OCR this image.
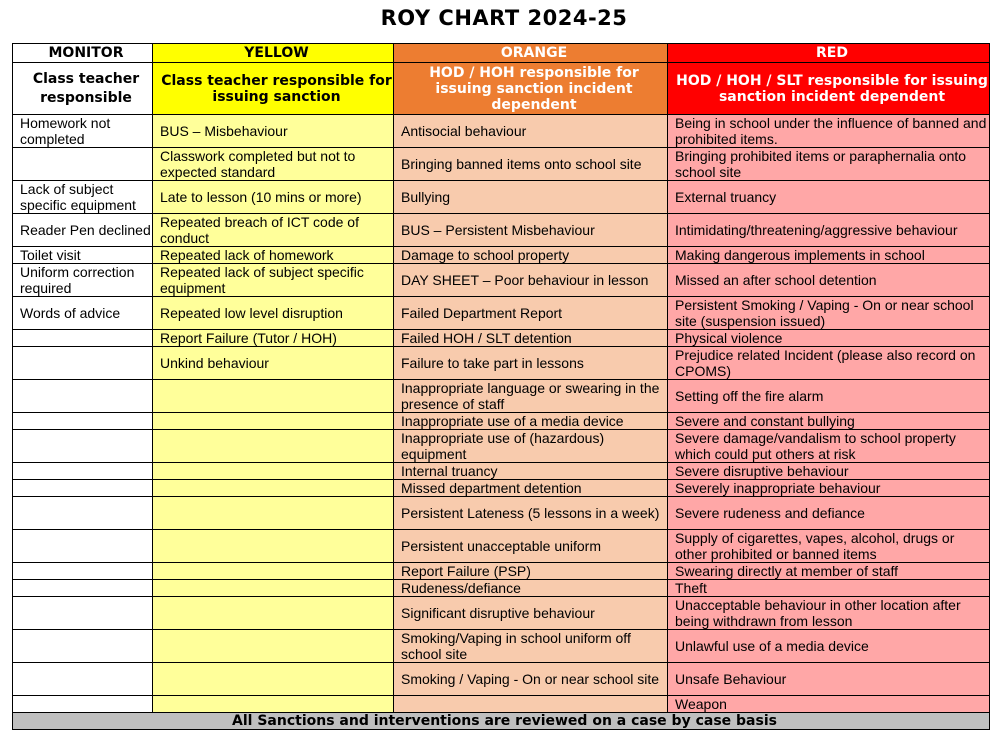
ROY CHART 2024-25
MONITOR	YELLOW	ORANGE	RED
Class teacher responsible	Class teacher responsible for issuing sanction	HOD / HOH responsible for issuing sanction incident dependent	HOD / HOH / SLT responsible for issuing sanction incident dependent
Homework not completed	BUS – Misbehaviour	Antisocial behaviour	Being in school under the influence of banned and prohibited items.
	Classwork completed but not to expected standard	Bringing banned items onto school site	Bringing prohibited items or paraphernalia onto school site
Lack of subject specific equipment	Late to lesson (10 mins or more)	Bullying	External truancy
Reader Pen declined	Repeated breach of ICT code of conduct	BUS – Persistent Misbehaviour	Intimidating/threatening/aggressive behaviour
Toilet visit	Repeated lack of homework	Damage to school property	Making dangerous implements in school
Uniform correction required	Repeated lack of subject specific equipment	DAY SHEET – Poor behaviour in lesson	Missed an after school detention
Words of advice	Repeated low level disruption	Failed Department Report	Persistent Smoking / Vaping - On or near school site (suspension issued)
	Report Failure (Tutor / HOH)	Failed HOH / SLT detention	Physical violence
	Unkind behaviour	Failure to take part in lessons	Prejudice related Incident (please also record on CPOMS)
		Inappropriate language or swearing in the presence of staff	Setting off the fire alarm
		Inappropriate use of a media device	Severe and constant bullying
		Inappropriate use of (hazardous) equipment	Severe damage/vandalism to school property which could put others at risk
		Internal truancy	Severe disruptive behaviour
		Missed department detention	Severely inappropriate behaviour
		Persistent Lateness (5 lessons in a week)	Severe rudeness and defiance
		Persistent unacceptable uniform	Supply of cigarettes, vapes, alcohol, drugs or other prohibited or banned items
		Report Failure (PSP)	Swearing directly at member of staff
		Rudeness/defiance	Theft
		Significant disruptive behaviour	Unacceptable behaviour in other location after being withdrawn from lesson
		Smoking/Vaping in school uniform off school site	Unlawful use of a media device
		Smoking / Vaping - On or near school site	Unsafe Behaviour
			Weapon
All Sanctions and interventions are reviewed on a case by case basis			
